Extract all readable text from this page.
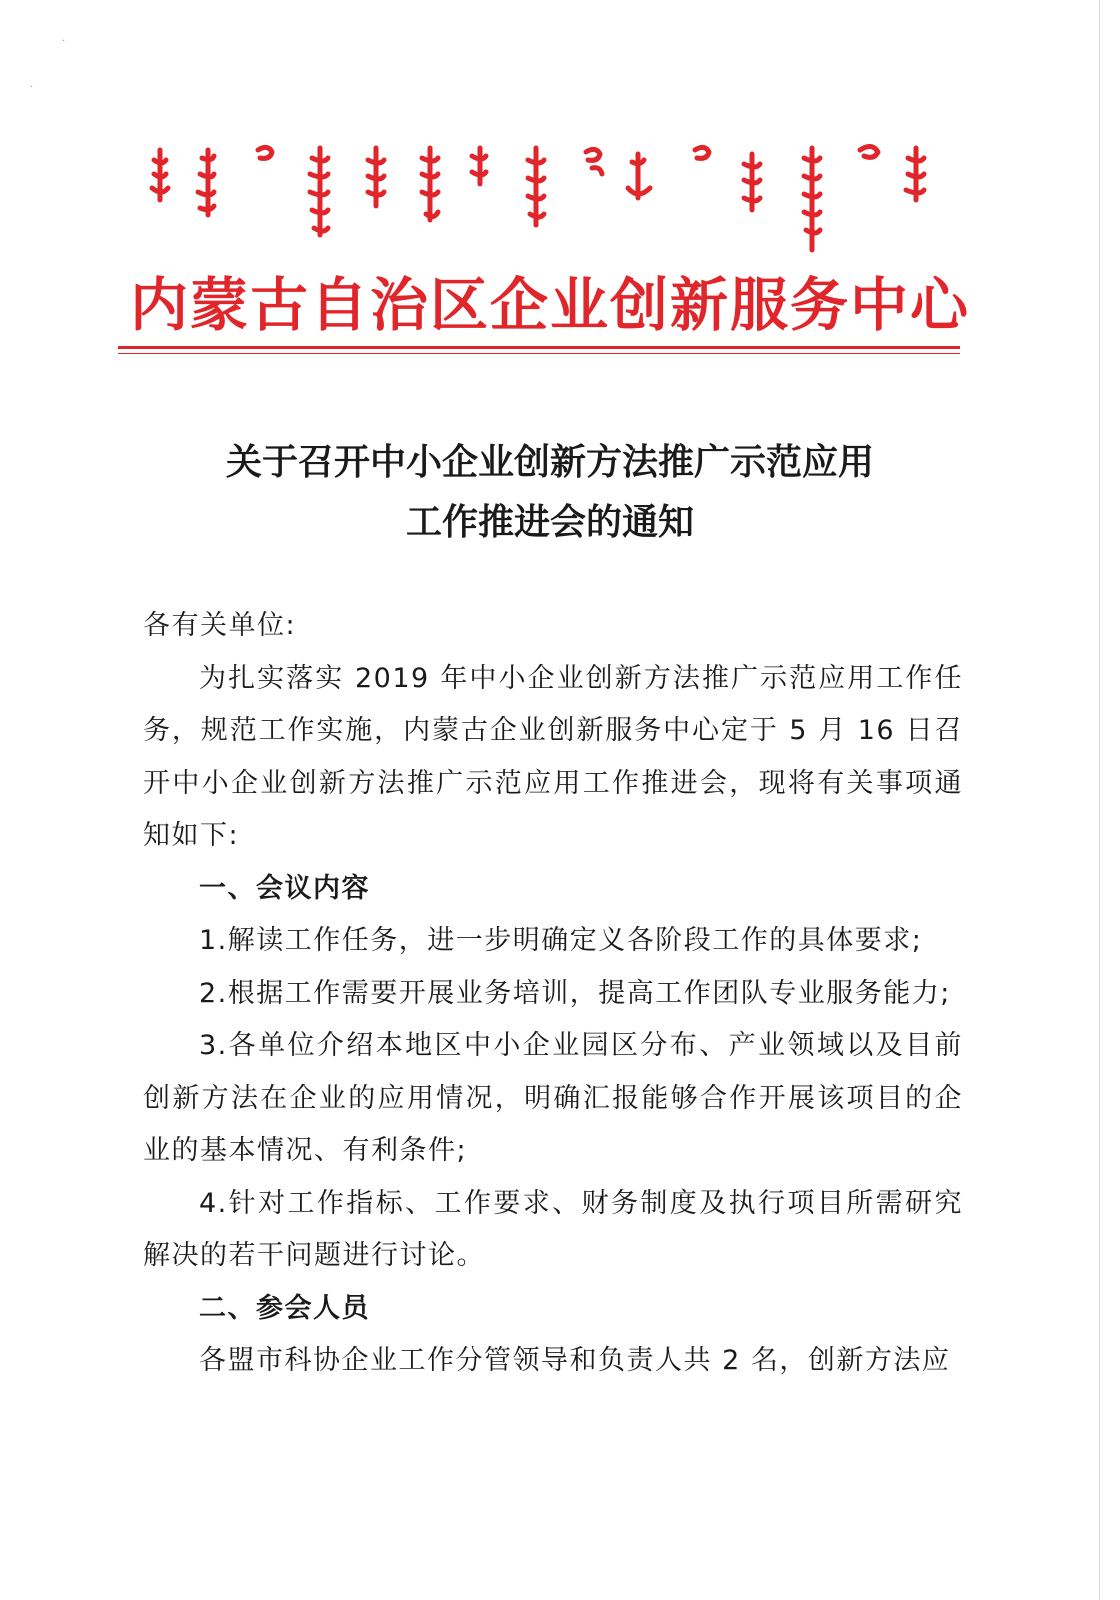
·
·
内蒙古自治区企业创新服务中心
关于召开中小企业创新方法推广示范应用
工作推进会的通知

各有关单位:

为扎实落实 2019 年中小企业创新方法推广示范应用工作任务，规范工作实施，内蒙古企业创新服务中心定于 5 月 16 日召开中小企业创新方法推广示范应用工作推进会，现将有关事项通知如下:

一、会议内容

1.解读工作任务，进一步明确定义各阶段工作的具体要求;

2.根据工作需要开展业务培训，提高工作团队专业服务能力;

3.各单位介绍本地区中小企业园区分布、产业领域以及目前创新方法在企业的应用情况，明确汇报能够合作开展该项目的企业的基本情况、有利条件;

4.针对工作指标、工作要求、财务制度及执行项目所需研究解决的若干问题进行讨论。

二、参会人员

各盟市科协企业工作分管领导和负责人共 2 名，创新方法应
